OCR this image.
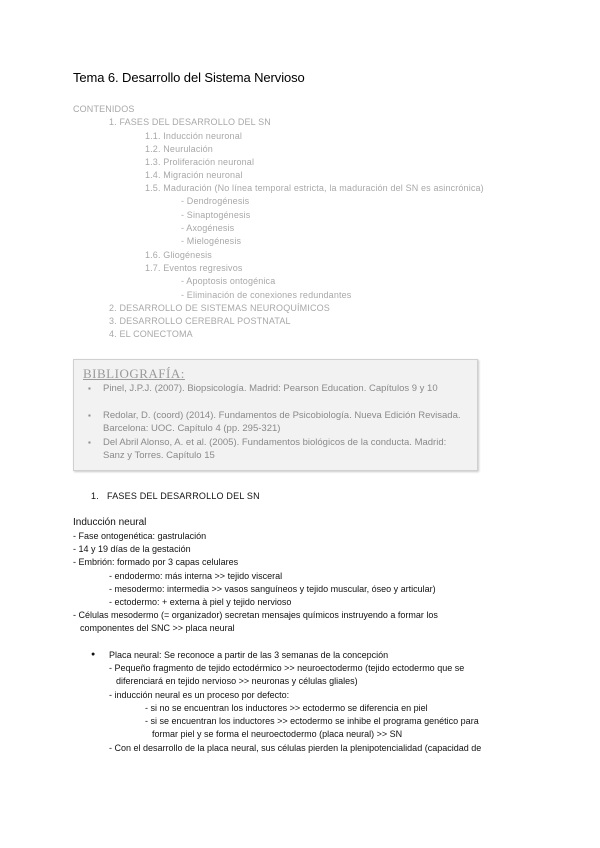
Tema 6. Desarrollo del Sistema Nervioso
CONTENIDOS
1. FASES DEL DESARROLLO DEL SN
1.1. Inducción neuronal
1.2. Neurulación
1.3. Proliferación neuronal
1.4. Migración neuronal
1.5. Maduración (No línea temporal estricta, la maduración del SN es asincrónica)
- Dendrogénesis
- Sinaptogénesis
- Axogénesis
- Mielogénesis
1.6. Gliogénesis
1.7. Eventos regresivos
- Apoptosis ontogénica
- Eliminación de conexiones redundantes
2. DESARROLLO DE SISTEMAS NEUROQUÍMICOS
3. DESARROLLO CEREBRAL POSTNATAL
4. EL CONECTOMA
BIBLIOGRAFÍA:
▪ Pinel, J.P.J. (2007). Biopsicología. Madrid: Pearson Education. Capítulos 9 y 10
▪ Redolar, D. (coord) (2014). Fundamentos de Psicobiología. Nueva Edición Revisada. Barcelona: UOC. Capítulo 4 (pp. 295-321)
▪ Del Abril Alonso, A. et al. (2005). Fundamentos biológicos de la conducta. Madrid: Sanz y Torres. Capítulo 15
1. FASES DEL DESARROLLO DEL SN
Inducción neural
- Fase ontogenética: gastrulación
- 14 y 19 días de la gestación
- Embrión: formado por 3 capas celulares
- endodermo: más interna >> tejido visceral
- mesodermo: intermedia >> vasos sanguíneos y tejido muscular, óseo y articular)
- ectodermo: + externa à piel y tejido nervioso
- Células mesodermo (= organizador) secretan mensajes químicos instruyendo a formar los
componentes del SNC >> placa neural
● Placa neural: Se reconoce a partir de las 3 semanas de la concepción
- Pequeño fragmento de tejido ectodérmico >> neuroectodermo (tejido ectodermo que se
diferenciará en tejido nervioso >> neuronas y células gliales)
- inducción neural es un proceso por defecto:
- si no se encuentran los inductores >> ectodermo se diferencia en piel
- si se encuentran los inductores >> ectodermo se inhibe el programa genético para
formar piel y se forma el neuroectodermo (placa neural) >> SN
- Con el desarrollo de la placa neural, sus células pierden la plenipotencialidad (capacidad de
